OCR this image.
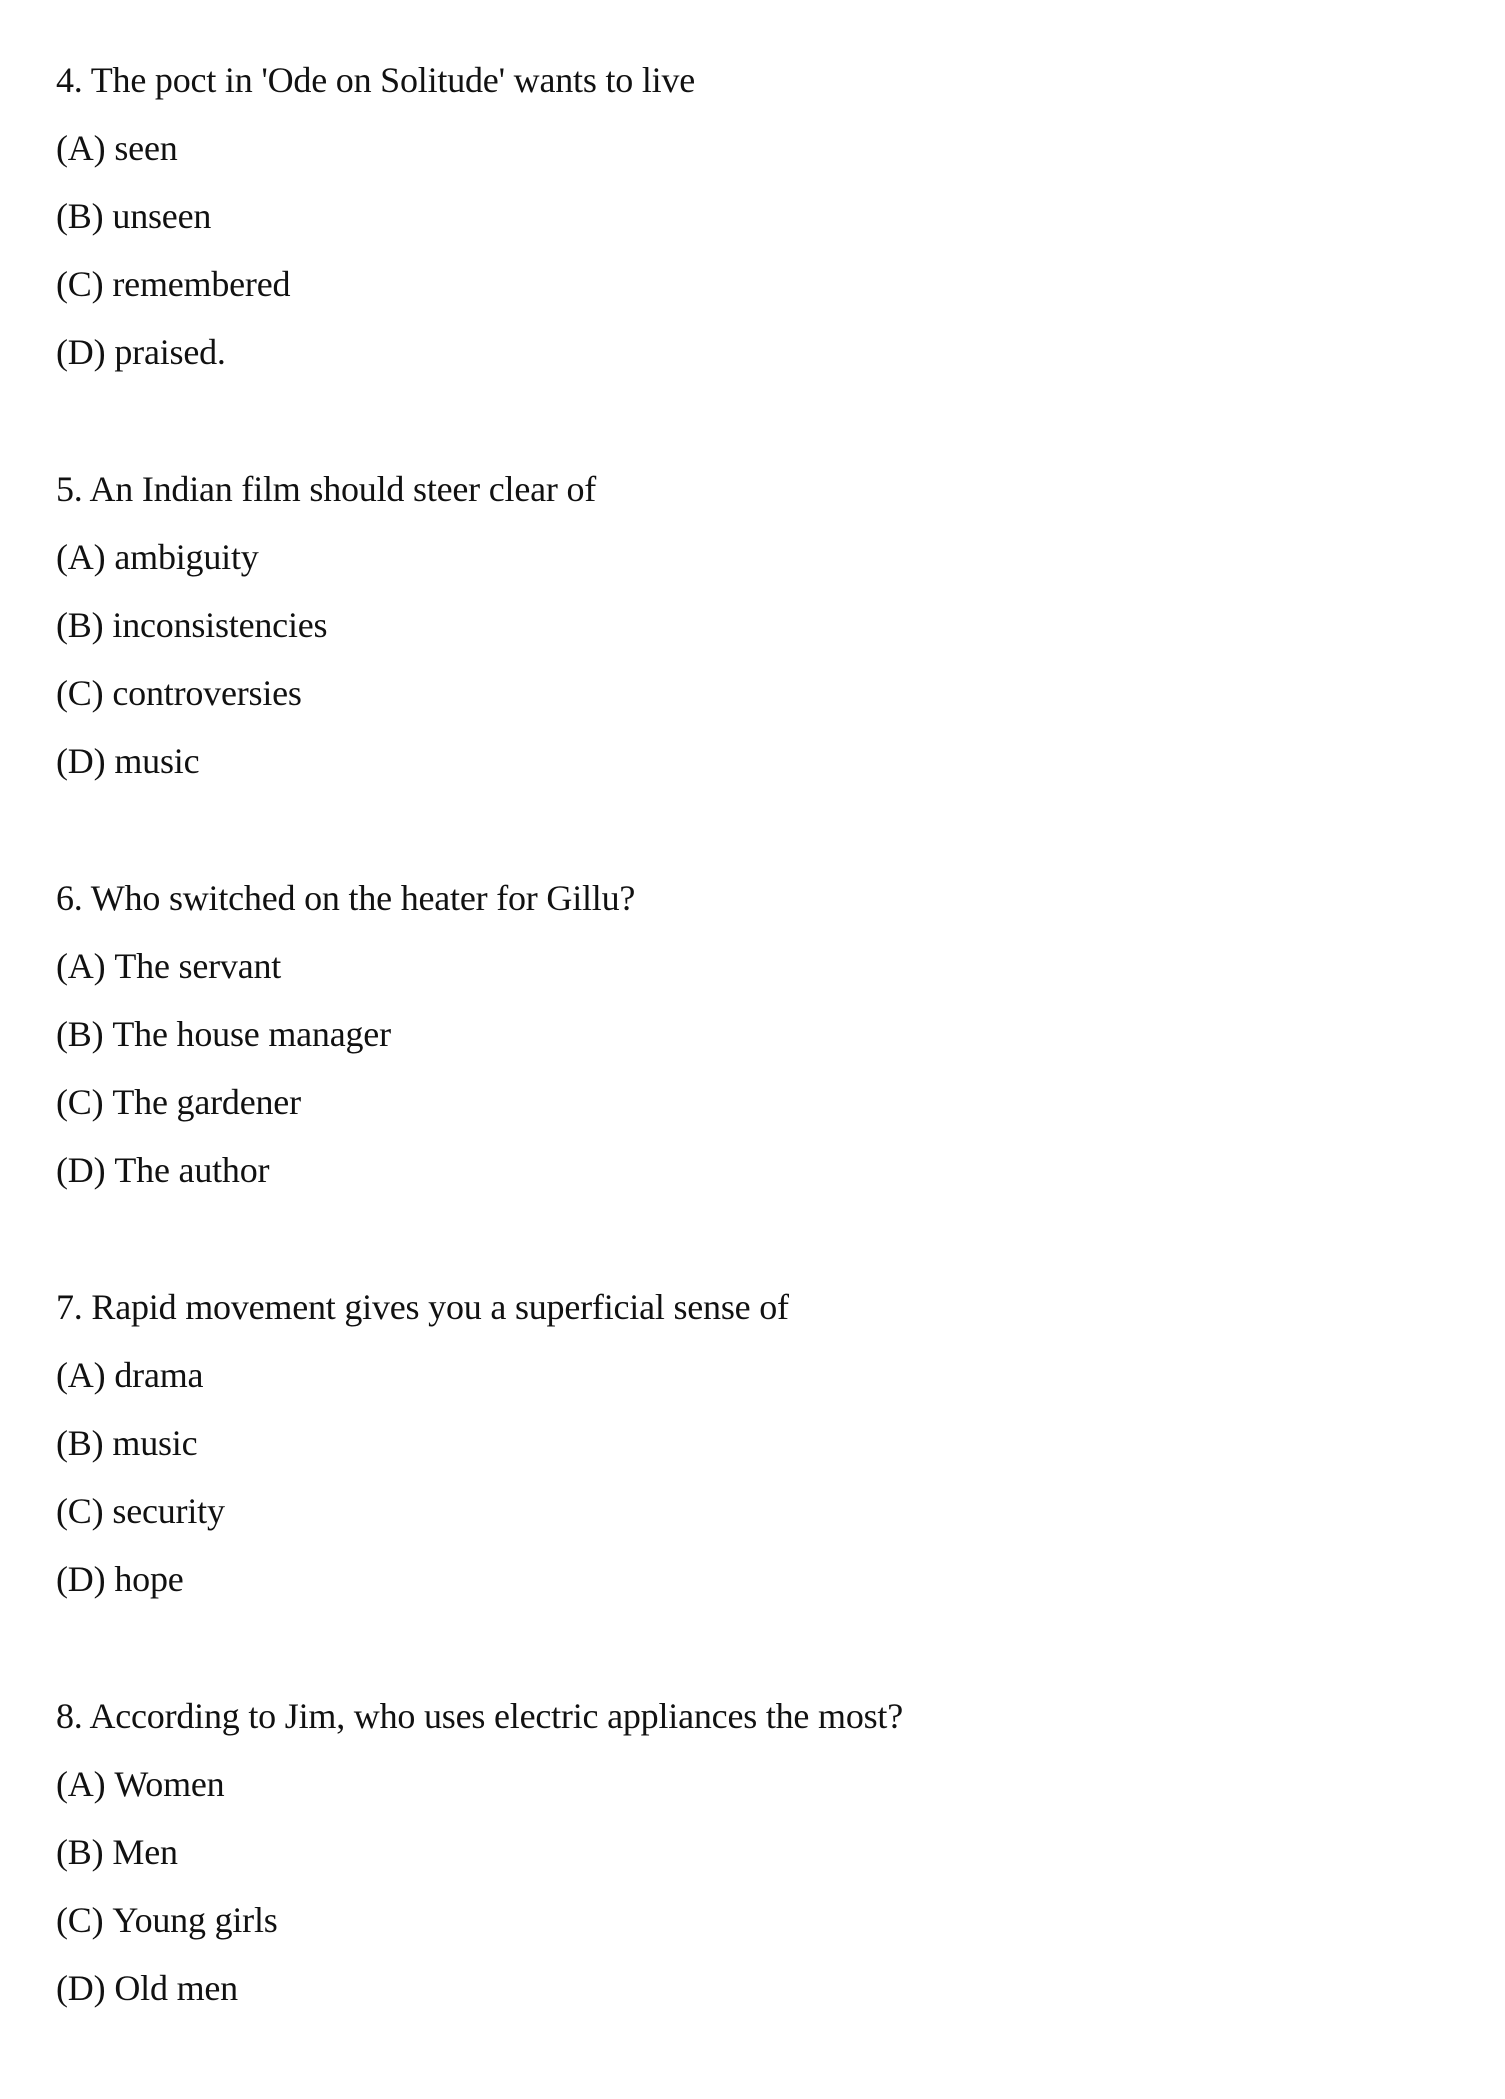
4. The poct in 'Ode on Solitude' wants to live
(A) seen
(B) unseen
(C) remembered
(D) praised.
5. An Indian film should steer clear of
(A) ambiguity
(B) inconsistencies
(C) controversies
(D) music
6. Who switched on the heater for Gillu?
(A) The servant
(B) The house manager
(C) The gardener
(D) The author
7. Rapid movement gives you a superficial sense of
(A) drama
(B) music
(C) security
(D) hope
8. According to Jim, who uses electric appliances the most?
(A) Women
(B) Men
(C) Young girls
(D) Old men
